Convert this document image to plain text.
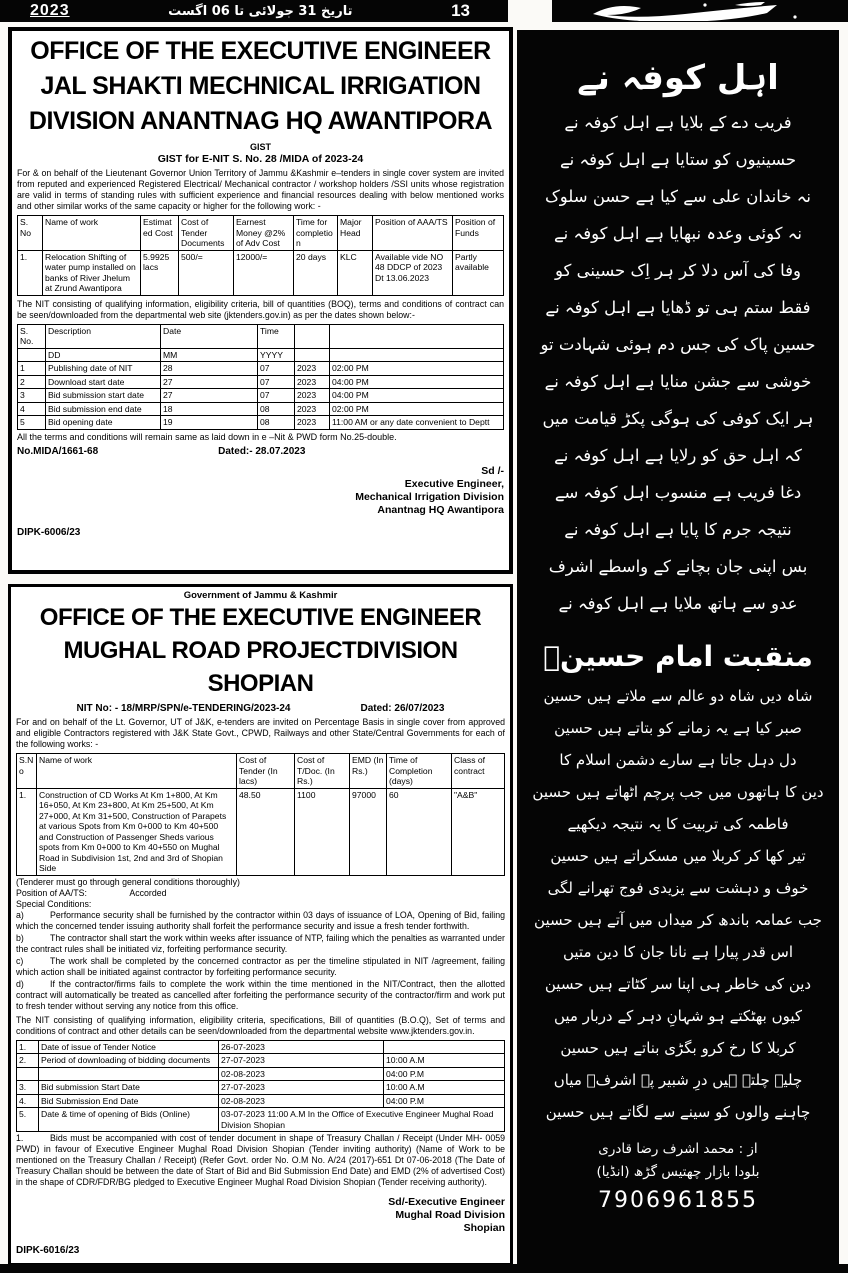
2023	تاریخ 31 جولائی تا 06 اگست	13
OFFICE OF THE EXECUTIVE ENGINEER
JAL SHAKTI MECHNICAL IRRIGATION
DIVISION ANANTNAG HQ AWANTIPORA
GIST
GIST for E-NIT S. No. 28 /MIDA of 2023-24
For & on behalf of the Lieutenant Governor Union Territory of Jammu &Kashmir e–tenders in single cover system are invited from reputed and experienced Registered Electrical/ Mechanical contractor / workshop holders /SSI units whose registration are valid in terms of standing rules with sufficient experience and financial resources dealing with below mentioned works and other similar works of the same capacity or higher for the following work: -
S. No	Name of work	Estimated Cost	Cost of Tender Documents	Earnest Money @2% of Adv Cost	Time for completion	Major Head	Position of AAA/TS	Position of Funds
1.	Relocation Shifting of water pump installed on banks of River Jhelum at Zrund Awantipora	5.9925 lacs	500/=	12000/=	20 days	KLC	Available vide NO 48 DDCP of 2023 Dt 13.06.2023	Partly available
The NIT consisting of qualifying information, eligibility criteria, bill of quantities (BOQ), terms and conditions of contract can be seen/downloaded from the departmental web site (jktenders.gov.in) as per the dates shown below:-
S. No.	Description	Date	Time		
	DD	MM	YYYY		
1	Publishing date of NIT	28	07	2023	02:00 PM
2	Download start date	27	07	2023	04:00 PM
3	Bid submission start date	27	07	2023	04:00 PM
4	Bid submission end date	18	08	2023	02:00 PM
5	Bid opening date	19	08	2023	11:00 AM or any date convenient to Deptt
All the terms and conditions will remain same as laid down in e –Nit & PWD form No.25-double.
No.MIDA/1661-68	Dated:- 28.07.2023
Sd /-
Executive Engineer,
Mechanical Irrigation Division
Anantnag HQ Awantipora
DIPK-6006/23
Government of Jammu & Kashmir
OFFICE OF THE EXECUTIVE ENGINEER
MUGHAL ROAD PROJECTDIVISION SHOPIAN
NIT No: - 18/MRP/SPN/e-TENDERING/2023-24	Dated: 26/07/2023
For and on behalf of the Lt. Governor, UT of J&K, e-tenders are invited on Percentage Basis in single cover from approved and eligible Contractors registered with J&K State Govt., CPWD, Railways and other State/Central Governments for each of the following works: -
S.No	Name of work	Cost of Tender (In lacs)	Cost of T/Doc. (In Rs.)	EMD (In Rs.)	Time of Completion (days)	Class of contract
1.	Construction of CD Works At Km 1+800, At Km 16+050, At Km 23+800, At Km 25+500, At Km 27+000, At Km 31+500, Construction of Parapets at various Spots from Km 0+000 to Km 40+500 and Construction of Passenger Sheds various spots from Km 0+000 to Km 40+550 on Mughal Road in Subdivision 1st, 2nd and 3rd of Shopian Side	48.50	1100	97000	60	"A&B"
(Tenderer must go through general conditions thoroughly)
Position of AA/TS:	Accorded
Special Conditions:

a)	Performance security shall be furnished by the contractor within 03 days of issuance of LOA, Opening of Bid, failing which the concerned tender issuing authority shall forfeit the performance security and issue a fresh tender forthwith.

b)	The contractor shall start the work within weeks after issuance of NTP, failing which the penalties as warranted under the contract rules shall be initiated viz, forfeiting performance security.

c)	The work shall be completed by the concerned contractor as per the timeline stipulated in NIT /agreement, failing which action shall be initiated against contractor by forfeiting performance security.

d)	If the contractor/firms fails to complete the work within the time mentioned in the NIT/Contract, then the allotted contract will automatically be treated as cancelled after forfeiting the performance security of the contractor/firm and work put to fresh tender without serving any notice from this office.

The NIT consisting of qualifying information, eligibility criteria, specifications, Bill of quantities (B.O.Q), Set of terms and conditions of contract and other details can be seen/downloaded from the departmental website www.jktenders.gov.in.
1.	Date of issue of Tender Notice	26-07-2023	
2.	Period of downloading of bidding documents	27-07-2023	10:00 A.M
		02-08-2023	04:00 P.M
3.	Bid submission Start Date	27-07-2023	10:00 A.M
4.	Bid Submission End Date	02-08-2023	04:00 P.M
5.	Date & time of opening of Bids (Online)	03-07-2023 11:00 A.M In the Office of Executive Engineer Mughal Road Division Shopian	

1.	Bids must be accompanied with cost of tender document in shape of Treasury Challan / Receipt (Under MH- 0059 PWD) in favour of Executive Engineer Mughal Road Division Shopian (Tender inviting authority) (Name of Work to be mentioned on the Treasury Challan / Receipt) (Refer Govt. order No. O.M No. A/24 (2017)-651 Dt 07-06-2018 (The Date of Treasury Challan should be between the date of Start of Bid and Bid Submission End Date) and EMD (2% of advertised Cost) in the shape of CDR/FDR/BG pledged to Executive Engineer Mughal Road Division Shopian (Tender receiving authority).

Sd/-Executive Engineer
Mughal Road Division
Shopian
DIPK-6016/23
اہل کوفہ نے
فریب دے کے بلایا ہے اہل کوفہ نے
حسینیوں کو ستایا ہے اہل کوفہ نے
نہ خاندان علی سے کیا ہے حسن سلوک
نہ کوئی وعدہ نبھایا ہے اہل کوفہ نے
وفا کی آس دلا کر ہر اِک حسینی کو
فقط ستم ہی تو ڈھایا ہے اہل کوفہ نے
حسین پاک کی جس دم ہوئی شہادت تو
خوشی سے جشن منایا ہے اہل کوفہ نے
ہر ایک کوفی کی ہوگی پکڑ قیامت میں
کہ اہل حق کو رلایا ہے اہل کوفہ نے
دغا فریب ہے منسوب اہل کوفہ سے
نتیجہ جرم کا پایا ہے اہل کوفہ نے
بس اپنی جان بچانے کے واسطے اشرف
عدو سے ہاتھ ملایا ہے اہل کوفہ نے
منقبت امام حسینؑ
شاہ دیں شاہ دو عالم سے ملاتے ہیں حسین
صبر کیا ہے یہ زمانے کو بتاتے ہیں حسین
دل دہل جاتا ہے سارے دشمن اسلام کا
دین کا ہاتھوں میں جب پرچم اٹھاتے ہیں حسین
فاطمہ کی تربیت کا یہ نتیجہ دیکھیے
تیر کھا کر کربلا میں مسکراتے ہیں حسین
خوف و دہشت سے یزیدی فوج تھرانے لگی
جب عمامہ باندھ کر میداں میں آتے ہیں حسین
اس قدر پیارا ہے نانا جان کا دین متیں
دین کی خاطر ہی اپنا سر کٹاتے ہیں حسین
کیوں بھٹکتے ہو شہانِ دہر کے دربار میں
کربلا کا رخ کرو بگڑی بناتے ہیں حسین
چلیے چلتے ہیں درِ شبیر پہ اشرفؔ میاں
چاہنے والوں کو سینے سے لگاتے ہیں حسین
از : محمد اشرف رضا قادری
بلودا بازار چھتیس گڑھ (انڈیا)
7906961855
